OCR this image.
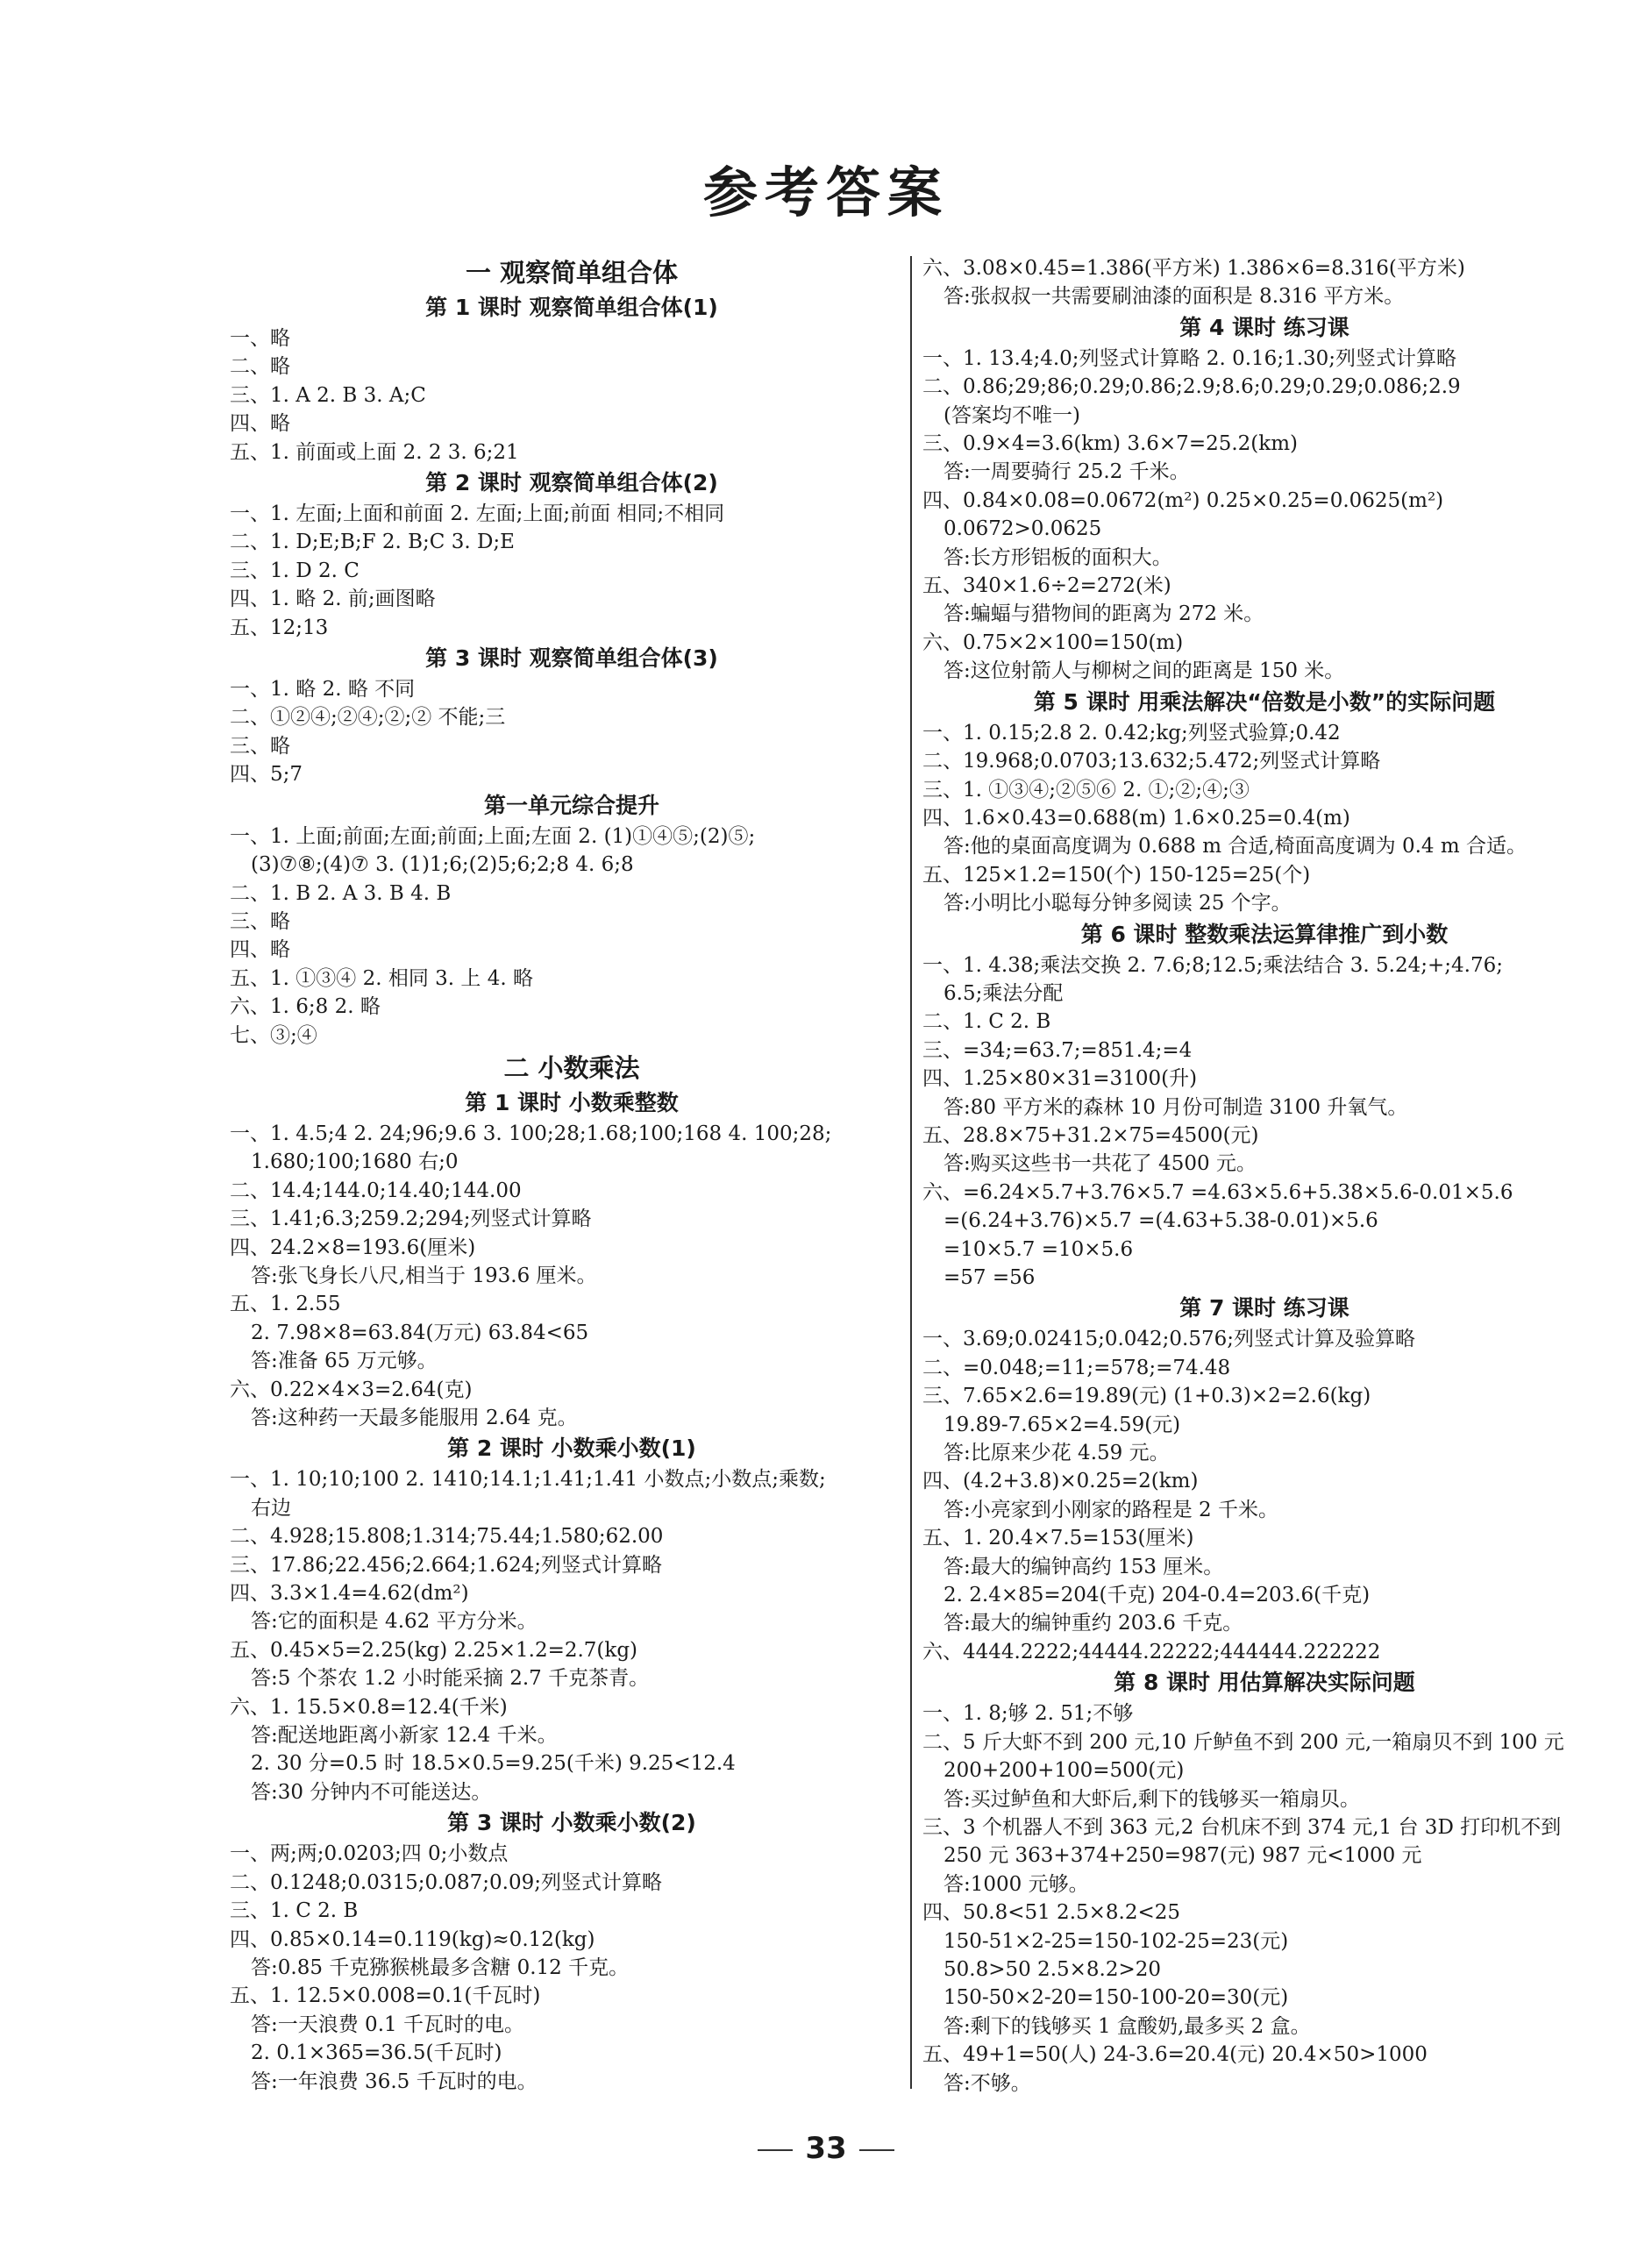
参考答案
一 观察简单组合体
第 1 课时 观察简单组合体(1)
一、略
二、略
三、1. A 2. B 3. A;C
四、略
五、1. 前面或上面 2. 2 3. 6;21
第 2 课时 观察简单组合体(2)
一、1. 左面;上面和前面 2. 左面;上面;前面 相同;不相同
二、1. D;E;B;F 2. B;C 3. D;E
三、1. D 2. C
四、1. 略 2. 前;画图略
五、12;13
第 3 课时 观察简单组合体(3)
一、1. 略 2. 略 不同
二、①②④;②④;②;② 不能;三
三、略
四、5;7
第一单元综合提升
一、1. 上面;前面;左面;前面;上面;左面 2. (1)①④⑤;(2)⑤;
(3)⑦⑧;(4)⑦ 3. (1)1;6;(2)5;6;2;8 4. 6;8
二、1. B 2. A 3. B 4. B
三、略
四、略
五、1. ①③④ 2. 相同 3. 上 4. 略
六、1. 6;8 2. 略
七、③;④
二 小数乘法
第 1 课时 小数乘整数
一、1. 4.5;4 2. 24;96;9.6 3. 100;28;1.68;100;168 4. 100;28;
1.680;100;1680 右;0
二、14.4;144.0;14.40;144.00
三、1.41;6.3;259.2;294;列竖式计算略
四、24.2×8=193.6(厘米)
答:张飞身长八尺,相当于 193.6 厘米。
五、1. 2.55
2. 7.98×8=63.84(万元) 63.84<65
答:准备 65 万元够。
六、0.22×4×3=2.64(克)
答:这种药一天最多能服用 2.64 克。
第 2 课时 小数乘小数(1)
一、1. 10;10;100 2. 1410;14.1;1.41;1.41 小数点;小数点;乘数;
右边
二、4.928;15.808;1.314;75.44;1.580;62.00
三、17.86;22.456;2.664;1.624;列竖式计算略
四、3.3×1.4=4.62(dm²)
答:它的面积是 4.62 平方分米。
五、0.45×5=2.25(kg) 2.25×1.2=2.7(kg)
答:5 个茶农 1.2 小时能采摘 2.7 千克茶青。
六、1. 15.5×0.8=12.4(千米)
答:配送地距离小新家 12.4 千米。
2. 30 分=0.5 时 18.5×0.5=9.25(千米) 9.25<12.4
答:30 分钟内不可能送达。
第 3 课时 小数乘小数(2)
一、两;两;0.0203;四 0;小数点
二、0.1248;0.0315;0.087;0.09;列竖式计算略
三、1. C 2. B
四、0.85×0.14=0.119(kg)≈0.12(kg)
答:0.85 千克猕猴桃最多含糖 0.12 千克。
五、1. 12.5×0.008=0.1(千瓦时)
答:一天浪费 0.1 千瓦时的电。
2. 0.1×365=36.5(千瓦时)
答:一年浪费 36.5 千瓦时的电。
六、3.08×0.45=1.386(平方米) 1.386×6=8.316(平方米)
答:张叔叔一共需要刷油漆的面积是 8.316 平方米。
第 4 课时 练习课
一、1. 13.4;4.0;列竖式计算略 2. 0.16;1.30;列竖式计算略
二、0.86;29;86;0.29;0.86;2.9;8.6;0.29;0.29;0.086;2.9
(答案均不唯一)
三、0.9×4=3.6(km) 3.6×7=25.2(km)
答:一周要骑行 25.2 千米。
四、0.84×0.08=0.0672(m²) 0.25×0.25=0.0625(m²)
0.0672>0.0625
答:长方形铝板的面积大。
五、340×1.6÷2=272(米)
答:蝙蝠与猎物间的距离为 272 米。
六、0.75×2×100=150(m)
答:这位射箭人与柳树之间的距离是 150 米。
第 5 课时 用乘法解决“倍数是小数”的实际问题
一、1. 0.15;2.8 2. 0.42;kg;列竖式验算;0.42
二、19.968;0.0703;13.632;5.472;列竖式计算略
三、1. ①③④;②⑤⑥ 2. ①;②;④;③
四、1.6×0.43=0.688(m) 1.6×0.25=0.4(m)
答:他的桌面高度调为 0.688 m 合适,椅面高度调为 0.4 m 合适。
五、125×1.2=150(个) 150-125=25(个)
答:小明比小聪每分钟多阅读 25 个字。
第 6 课时 整数乘法运算律推广到小数
一、1. 4.38;乘法交换 2. 7.6;8;12.5;乘法结合 3. 5.24;+;4.76;
6.5;乘法分配
二、1. C 2. B
三、=34;=63.7;=851.4;=4
四、1.25×80×31=3100(升)
答:80 平方米的森林 10 月份可制造 3100 升氧气。
五、28.8×75+31.2×75=4500(元)
答:购买这些书一共花了 4500 元。
六、=6.24×5.7+3.76×5.7 =4.63×5.6+5.38×5.6-0.01×5.6
=(6.24+3.76)×5.7 =(4.63+5.38-0.01)×5.6
=10×5.7 =10×5.6
=57 =56
第 7 课时 练习课
一、3.69;0.02415;0.042;0.576;列竖式计算及验算略
二、=0.048;=11;=578;=74.48
三、7.65×2.6=19.89(元) (1+0.3)×2=2.6(kg)
19.89-7.65×2=4.59(元)
答:比原来少花 4.59 元。
四、(4.2+3.8)×0.25=2(km)
答:小亮家到小刚家的路程是 2 千米。
五、1. 20.4×7.5=153(厘米)
答:最大的编钟高约 153 厘米。
2. 2.4×85=204(千克) 204-0.4=203.6(千克)
答:最大的编钟重约 203.6 千克。
六、4444.2222;44444.22222;444444.222222
第 8 课时 用估算解决实际问题
一、1. 8;够 2. 51;不够
二、5 斤大虾不到 200 元,10 斤鲈鱼不到 200 元,一箱扇贝不到 100 元
200+200+100=500(元)
答:买过鲈鱼和大虾后,剩下的钱够买一箱扇贝。
三、3 个机器人不到 363 元,2 台机床不到 374 元,1 台 3D 打印机不到
250 元 363+374+250=987(元) 987 元<1000 元
答:1000 元够。
四、50.8<51 2.5×8.2<25
150-51×2-25=150-102-25=23(元)
50.8>50 2.5×8.2>20
150-50×2-20=150-100-20=30(元)
答:剩下的钱够买 1 盒酸奶,最多买 2 盒。
五、49+1=50(人) 24-3.6=20.4(元) 20.4×50>1000
答:不够。
33
